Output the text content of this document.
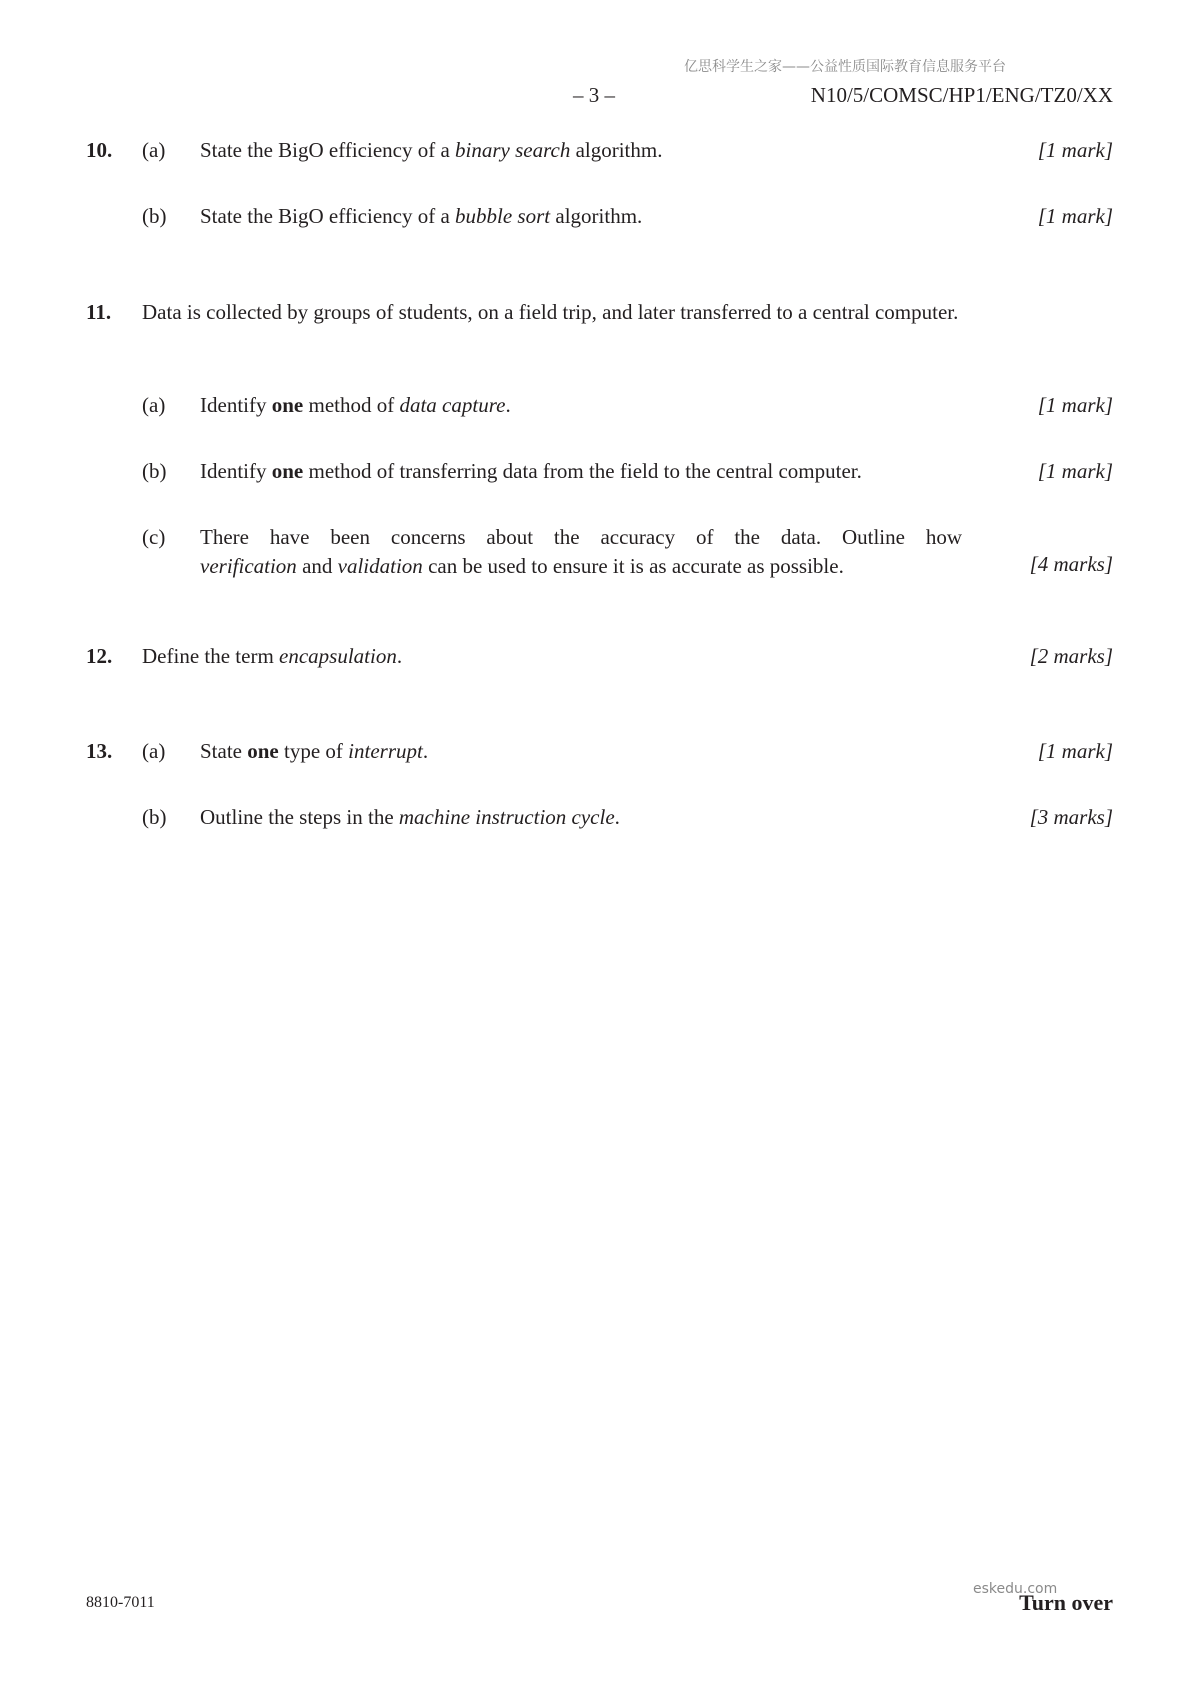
亿思科学生之家——公益性质国际教育信息服务平台
– 3 –	N10/5/COMSC/HP1/ENG/TZ0/XX
10. (a) State the BigO efficiency of a binary search algorithm.	[1 mark]
(b) State the BigO efficiency of a bubble sort algorithm.	[1 mark]
11. Data is collected by groups of students, on a field trip, and later transferred to a central computer.
(a) Identify one method of data capture.	[1 mark]
(b) Identify one method of transferring data from the field to the central computer.	[1 mark]
(c) There have been concerns about the accuracy of the data. Outline how
verification and validation can be used to ensure it is as accurate as possible.	[4 marks]
12. Define the term encapsulation.	[2 marks]
13. (a) State one type of interrupt.	[1 mark]
(b) Outline the steps in the machine instruction cycle.	[3 marks]
8810-7011
eskedu.com
Turn over
